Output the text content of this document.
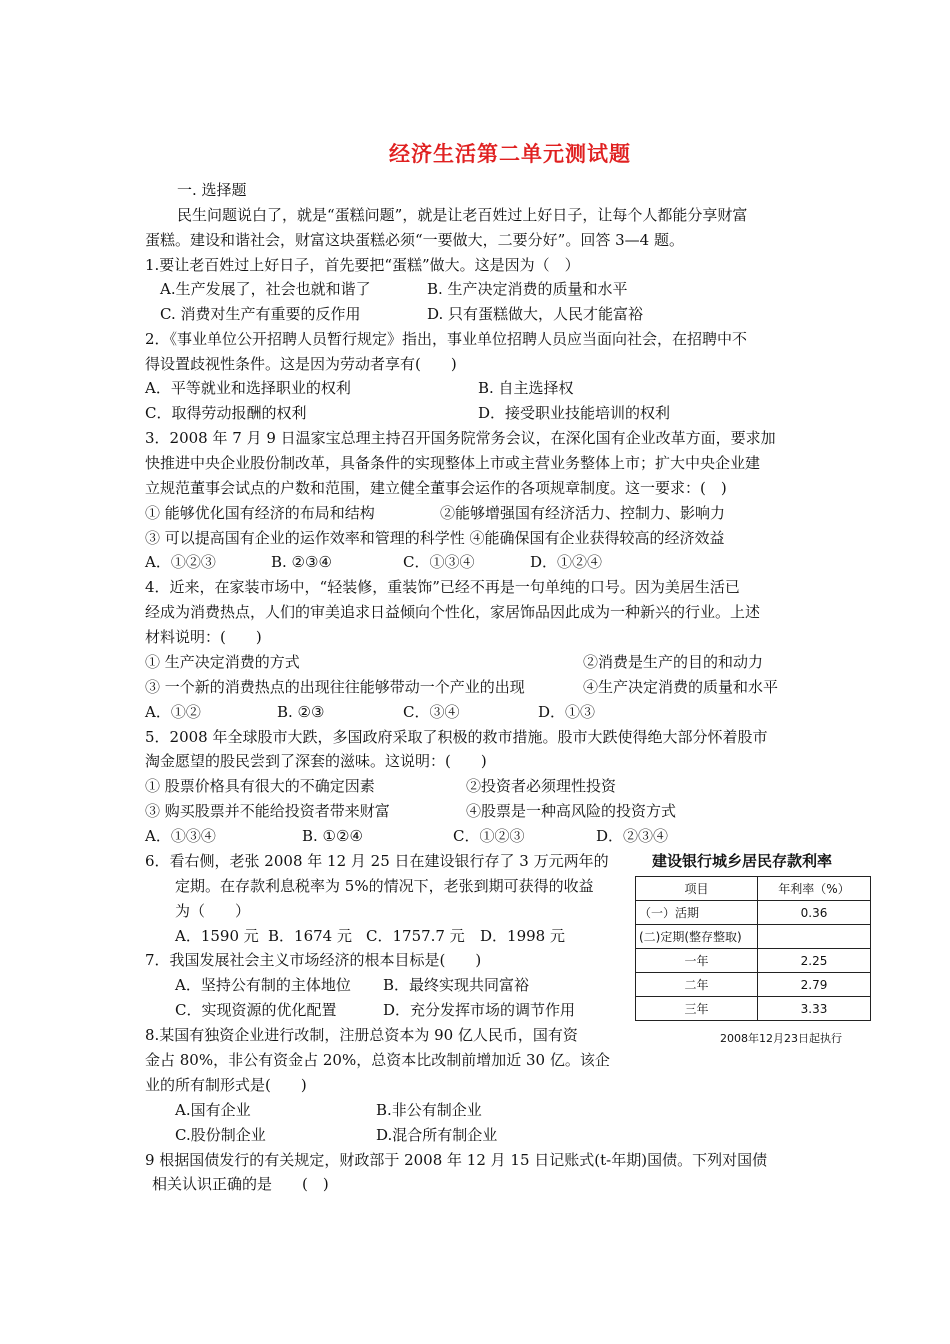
经济生活第二单元测试题
一. 选择题
民生问题说白了，就是“蛋糕问题”，就是让老百姓过上好日子，让每个人都能分享财富
蛋糕。建设和谐社会，财富这块蛋糕必须“一要做大，二要分好”。回答 3—4 题。
1.要让老百姓过上好日子，首先要把“蛋糕”做大。这是因为（　）
A.生产发展了，社会也就和谐了	B. 生产决定消费的质量和水平
C. 消费对生产有重要的反作用	D. 只有蛋糕做大，人民才能富裕
2．《事业单位公开招聘人员暂行规定》指出，事业单位招聘人员应当面向社会，在招聘中不
得设置歧视性条件。这是因为劳动者享有(　　)
A．平等就业和选择职业的权利	B. 自主选择权
C．取得劳动报酬的权利	D．接受职业技能培训的权利
3．2008 年 7 月 9 日温家宝总理主持召开国务院常务会议，在深化国有企业改革方面，要求加
快推进中央企业股份制改革，具备条件的实现整体上市或主营业务整体上市；扩大中央企业建
立规范董事会试点的户数和范围，建立健全董事会运作的各项规章制度。这一要求：(　)
① 能够优化国有经济的布局和结构	②能够增强国有经济活力、控制力、影响力
③ 可以提高国有企业的运作效率和管理的科学性 ④能确保国有企业获得较高的经济效益
A．①②③	B. ②③④	C．①③④	D．①②④
4．近来，在家装市场中，“轻装修，重装饰”已经不再是一句单纯的口号。因为美居生活已
经成为消费热点，人们的审美追求日益倾向个性化，家居饰品因此成为一种新兴的行业。上述
材料说明：(　　)
① 生产决定消费的方式	②消费是生产的目的和动力
③ 一个新的消费热点的出现往往能够带动一个产业的出现	④生产决定消费的质量和水平
A．①②	B. ②③	C．③④	D．①③
5．2008 年全球股市大跌，多国政府采取了积极的救市措施。股市大跌使得绝大部分怀着股市
淘金愿望的股民尝到了深套的滋味。这说明：(　　)
① 股票价格具有很大的不确定因素	②投资者必须理性投资
③ 购买股票并不能给投资者带来财富	④股票是一种高风险的投资方式
A．①③④	B. ①②④	C．①②③	D．②③④
6．看右侧，老张 2008 年 12 月 25 日在建设银行存了 3 万元两年的
定期。在存款利息税率为 5%的情况下，老张到期可获得的收益
为（　　）
A．1590 元 B．1674 元 C．1757.7 元 D．1998 元
建设银行城乡居民存款利率
项目	年利率（%）
（一）活期	0.36
(二)定期(整存整取)	
一年	2.25
二年	2.79
三年	3.33
2008年12月23日起执行
7．我国发展社会主义市场经济的根本目标是(　　)
A．坚持公有制的主体地位 B．最终实现共同富裕
C．实现资源的优化配置	D．充分发挥市场的调节作用
8.某国有独资企业进行改制，注册总资本为 90 亿人民币，国有资
金占 80%，非公有资金占 20%，总资本比改制前增加近 30 亿。该企
业的所有制形式是(　　)
A.国有企业	B.非公有制企业
C.股份制企业	D.混合所有制企业
9 根据国债发行的有关规定，财政部于 2008 年 12 月 15 日记账式(t-年期)国债。下列对国债
相关认识正确的是　　(　)
